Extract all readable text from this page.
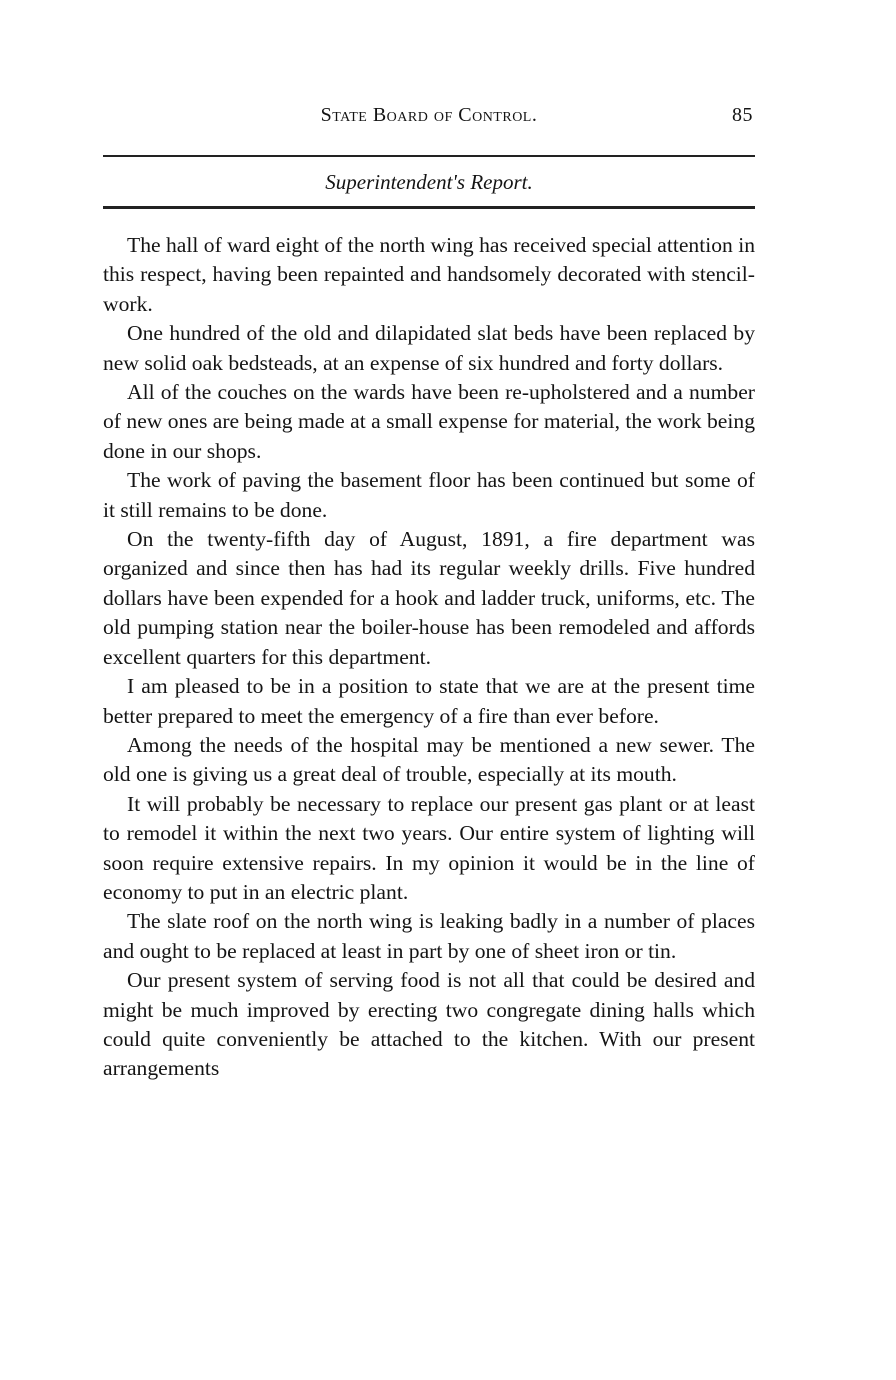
State Board of Control.	85
Superintendent's Report.

The hall of ward eight of the north wing has received special attention in this respect, having been repainted and handsomely decorated with stencil-work.

One hundred of the old and dilapidated slat beds have been replaced by new solid oak bedsteads, at an expense of six hundred and forty dollars.

All of the couches on the wards have been re-upholstered and a number of new ones are being made at a small expense for material, the work being done in our shops.

The work of paving the basement floor has been continued but some of it still remains to be done.

On the twenty-fifth day of August, 1891, a fire department was organized and since then has had its regular weekly drills. Five hundred dollars have been expended for a hook and ladder truck, uniforms, etc. The old pumping station near the boiler-house has been remodeled and affords excellent quarters for this department.

I am pleased to be in a position to state that we are at the present time better prepared to meet the emergency of a fire than ever before.

Among the needs of the hospital may be mentioned a new sewer. The old one is giving us a great deal of trouble, especially at its mouth.

It will probably be necessary to replace our present gas plant or at least to remodel it within the next two years. Our entire system of lighting will soon require extensive repairs. In my opinion it would be in the line of economy to put in an electric plant.

The slate roof on the north wing is leaking badly in a number of places and ought to be replaced at least in part by one of sheet iron or tin.

Our present system of serving food is not all that could be desired and might be much improved by erecting two congregate dining halls which could quite conveniently be attached to the kitchen. With our present arrangements
